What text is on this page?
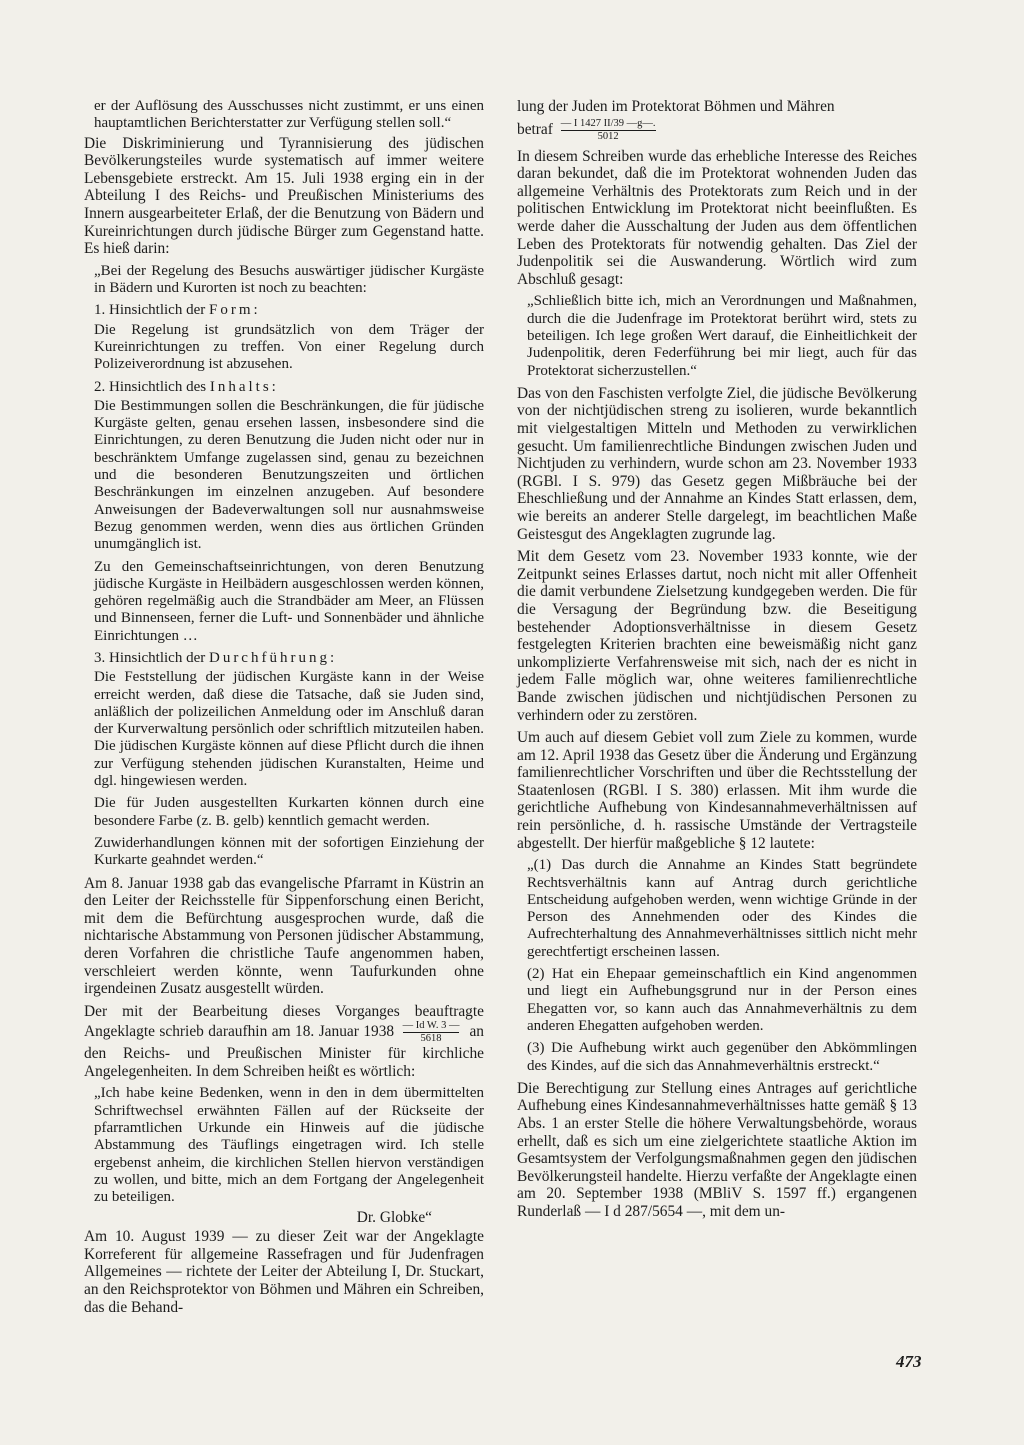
er der Auflösung des Ausschusses nicht zustimmt, er uns einen hauptamtlichen Berichterstatter zur Verfügung stellen soll.“

Die Diskriminierung und Tyrannisierung des jüdischen Bevölkerungsteiles wurde systematisch auf immer weitere Lebensgebiete erstreckt. Am 15. Juli 1938 erging ein in der Abteilung I des Reichs- und Preußischen Ministeriums des Innern ausgearbeiteter Erlaß, der die Benutzung von Bädern und Kureinrichtungen durch jüdische Bürger zum Gegenstand hatte. Es hieß darin:

„Bei der Regelung des Besuchs auswärtiger jüdischer Kurgäste in Bädern und Kurorten ist noch zu beachten:

1. Hinsichtlich der Form:

Die Regelung ist grundsätzlich von dem Träger der Kureinrichtungen zu treffen. Von einer Regelung durch Polizeiverordnung ist abzusehen.

2. Hinsichtlich des Inhalts:

Die Bestimmungen sollen die Beschränkungen, die für jüdische Kurgäste gelten, genau ersehen lassen, insbesondere sind die Einrichtungen, zu deren Benutzung die Juden nicht oder nur in beschränktem Umfange zugelassen sind, genau zu bezeichnen und die besonderen Benutzungszeiten und örtlichen Beschränkungen im einzelnen anzugeben. Auf besondere Anweisungen der Badeverwaltungen soll nur ausnahmsweise Bezug genommen werden, wenn dies aus örtlichen Gründen unumgänglich ist.

Zu den Gemeinschaftseinrichtungen, von deren Benutzung jüdische Kurgäste in Heilbädern ausgeschlossen werden können, gehören regelmäßig auch die Strandbäder am Meer, an Flüssen und Binnenseen, ferner die Luft- und Sonnenbäder und ähnliche Einrichtungen …

3. Hinsichtlich der Durchführung:

Die Feststellung der jüdischen Kurgäste kann in der Weise erreicht werden, daß diese die Tatsache, daß sie Juden sind, anläßlich der polizeilichen Anmeldung oder im Anschluß daran der Kurverwaltung persönlich oder schriftlich mitzuteilen haben. Die jüdischen Kurgäste können auf diese Pflicht durch die ihnen zur Verfügung stehenden jüdischen Kuranstalten, Heime und dgl. hingewiesen werden.

Die für Juden ausgestellten Kurkarten können durch eine besondere Farbe (z. B. gelb) kenntlich gemacht werden.

Zuwiderhandlungen können mit der sofortigen Einziehung der Kurkarte geahndet werden.“

Am 8. Januar 1938 gab das evangelische Pfarramt in Küstrin an den Leiter der Reichsstelle für Sippenforschung einen Bericht, mit dem die Befürchtung ausgesprochen wurde, daß die nichtarische Abstammung von Personen jüdischer Abstammung, deren Vorfahren die christliche Taufe angenommen haben, verschleiert werden könnte, wenn Taufurkunden ohne irgendeinen Zusatz ausgestellt würden.

Der mit der Bearbeitung dieses Vorganges beauftragte Angeklagte schrieb daraufhin am 18. Januar $1938 \frac{\text{— Id W. 3 —}}{5618}$ an den Reichs- und Preußischen Minister für kirchliche Angelegenheiten. In dem Schreiben heißt es wörtlich:

„Ich habe keine Bedenken, wenn in den in dem übermittelten Schriftwechsel erwähnten Fällen auf der Rückseite der pfarramtlichen Urkunde ein Hinweis auf die jüdische Abstammung des Täuflings eingetragen wird. Ich stelle ergebenst anheim, die kirchlichen Stellen hiervon verständigen zu wollen, und bitte, mich an dem Fortgang der Angelegenheit zu beteiligen.

Dr. Globke“

Am 10. August 1939 — zu dieser Zeit war der Angeklagte Korreferent für allgemeine Rassefragen und für Judenfragen Allgemeines — richtete der Leiter der Abteilung I, Dr. Stuckart, an den Reichsprotektor von Böhmen und Mähren ein Schreiben, das die Behand-

lung der Juden im Protektorat Böhmen und Mähren

betraf $\frac{— I 1427 II/39 —g—.}{5012}$

In diesem Schreiben wurde das erhebliche Interesse des Reiches daran bekundet, daß die im Protektorat wohnenden Juden das allgemeine Verhältnis des Protektorats zum Reich und in der politischen Entwicklung im Protektorat nicht beeinflußten. Es werde daher die Ausschaltung der Juden aus dem öffentlichen Leben des Protektorats für notwendig gehalten. Das Ziel der Judenpolitik sei die Auswanderung. Wörtlich wird zum Abschluß gesagt:

„Schließlich bitte ich, mich an Verordnungen und Maßnahmen, durch die die Judenfrage im Protektorat berührt wird, stets zu beteiligen. Ich lege großen Wert darauf, die Einheitlichkeit der Judenpolitik, deren Federführung bei mir liegt, auch für das Protektorat sicherzustellen.“

Das von den Faschisten verfolgte Ziel, die jüdische Bevölkerung von der nichtjüdischen streng zu isolieren, wurde bekanntlich mit vielgestaltigen Mitteln und Methoden zu verwirklichen gesucht. Um familienrechtliche Bindungen zwischen Juden und Nichtjuden zu verhindern, wurde schon am 23. November 1933 (RGBl. I S. 979) das Gesetz gegen Mißbräuche bei der Eheschließung und der Annahme an Kindes Statt erlassen, dem, wie bereits an anderer Stelle dargelegt, im beachtlichen Maße Geistesgut des Angeklagten zugrunde lag.

Mit dem Gesetz vom 23. November 1933 konnte, wie der Zeitpunkt seines Erlasses dartut, noch nicht mit aller Offenheit die damit verbundene Zielsetzung kundgegeben werden. Die für die Versagung der Begründung bzw. die Beseitigung bestehender Adoptionsverhältnisse in diesem Gesetz festgelegten Kriterien brachten eine beweismäßig nicht ganz unkomplizierte Verfahrensweise mit sich, nach der es nicht in jedem Falle möglich war, ohne weiteres familienrechtliche Bande zwischen jüdischen und nichtjüdischen Personen zu verhindern oder zu zerstören.

Um auch auf diesem Gebiet voll zum Ziele zu kommen, wurde am 12. April 1938 das Gesetz über die Änderung und Ergänzung familienrechtlicher Vorschriften und über die Rechtsstellung der Staatenlosen (RGBl. I S. 380) erlassen. Mit ihm wurde die gerichtliche Aufhebung von Kindesannahmeverhältnissen auf rein persönliche, d. h. rassische Umstände der Vertragsteile abgestellt. Der hierfür maßgebliche § 12 lautete:

„(1) Das durch die Annahme an Kindes Statt begründete Rechtsverhältnis kann auf Antrag durch gerichtliche Entscheidung aufgehoben werden, wenn wichtige Gründe in der Person des Annehmenden oder des Kindes die Aufrechterhaltung des Annahmeverhältnisses sittlich nicht mehr gerechtfertigt erscheinen lassen.

(2) Hat ein Ehepaar gemeinschaftlich ein Kind angenommen und liegt ein Aufhebungsgrund nur in der Person eines Ehegatten vor, so kann auch das Annahmeverhältnis zu dem anderen Ehegatten aufgehoben werden.

(3) Die Aufhebung wirkt auch gegenüber den Abkömmlingen des Kindes, auf die sich das Annahmeverhältnis erstreckt.“

Die Berechtigung zur Stellung eines Antrages auf gerichtliche Aufhebung eines Kindesannahmeverhältnisses hatte gemäß § 13 Abs. 1 an erster Stelle die höhere Verwaltungsbehörde, woraus erhellt, daß es sich um eine zielgerichtete staatliche Aktion im Gesamtsystem der Verfolgungsmaßnahmen gegen den jüdischen Bevölkerungsteil handelte. Hierzu verfaßte der Angeklagte einen am 20. September 1938 (MBliV S. 1597 ff.) ergangenen Runderlaß — I d 287/5654 —, mit dem un-

473
